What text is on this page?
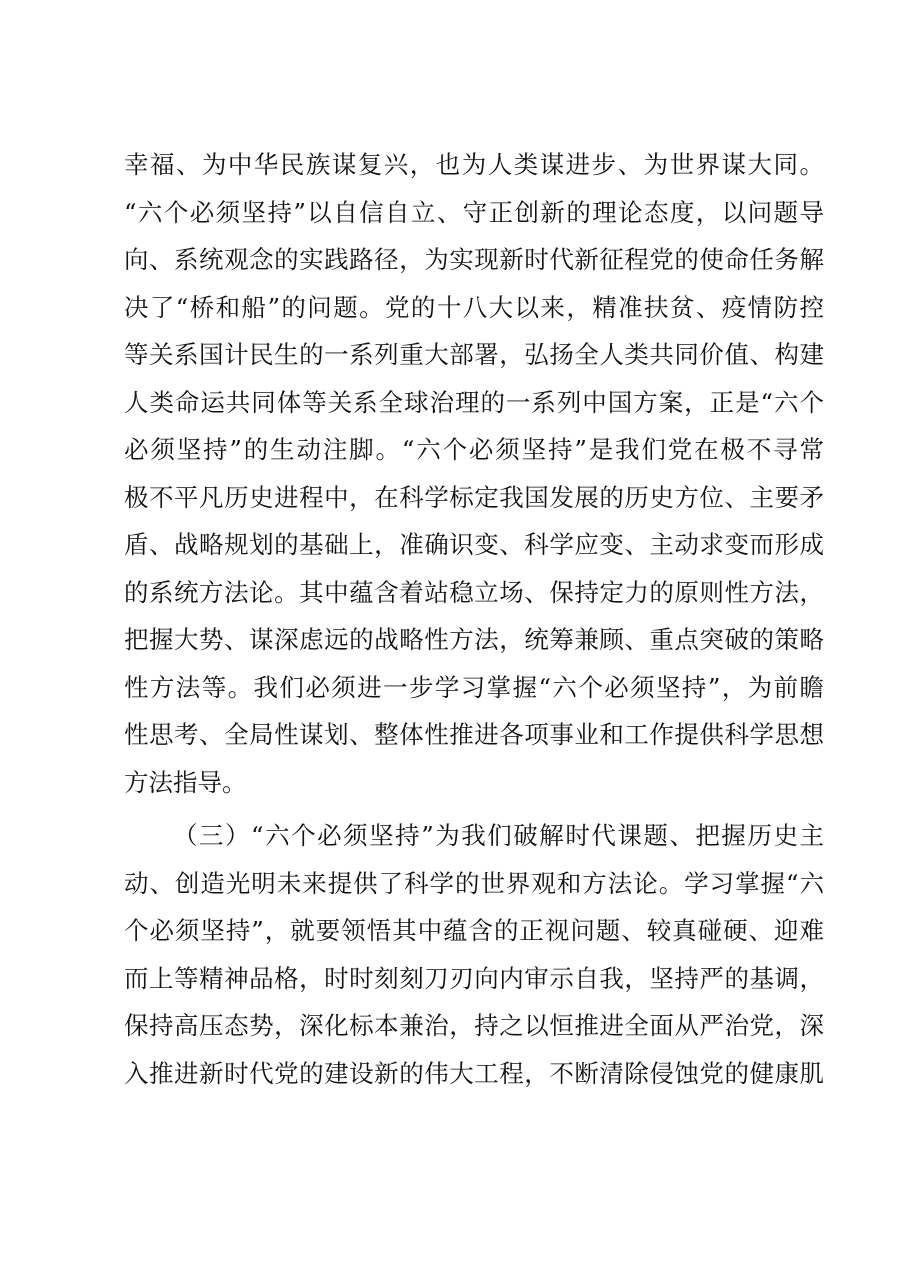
幸福、为中华民族谋复兴，也为人类谋进步、为世界谋大同。
“六个必须坚持”以自信自立、守正创新的理论态度，以问题导
向、系统观念的实践路径，为实现新时代新征程党的使命任务解
决了“桥和船”的问题。党的十八大以来，精准扶贫、疫情防控
等关系国计民生的一系列重大部署，弘扬全人类共同价值、构建
人类命运共同体等关系全球治理的一系列中国方案，正是“六个
必须坚持”的生动注脚。“六个必须坚持”是我们党在极不寻常
极不平凡历史进程中，在科学标定我国发展的历史方位、主要矛
盾、战略规划的基础上，准确识变、科学应变、主动求变而形成
的系统方法论。其中蕴含着站稳立场、保持定力的原则性方法，
把握大势、谋深虑远的战略性方法，统筹兼顾、重点突破的策略
性方法等。我们必须进一步学习掌握“六个必须坚持”，为前瞻
性思考、全局性谋划、整体性推进各项事业和工作提供科学思想
方法指导。
（三）“六个必须坚持”为我们破解时代课题、把握历史主
动、创造光明未来提供了科学的世界观和方法论。学习掌握“六
个必须坚持”，就要领悟其中蕴含的正视问题、较真碰硬、迎难
而上等精神品格，时时刻刻刀刃向内审示自我，坚持严的基调，
保持高压态势，深化标本兼治，持之以恒推进全面从严治党，深
入推进新时代党的建设新的伟大工程，不断清除侵蚀党的健康肌
